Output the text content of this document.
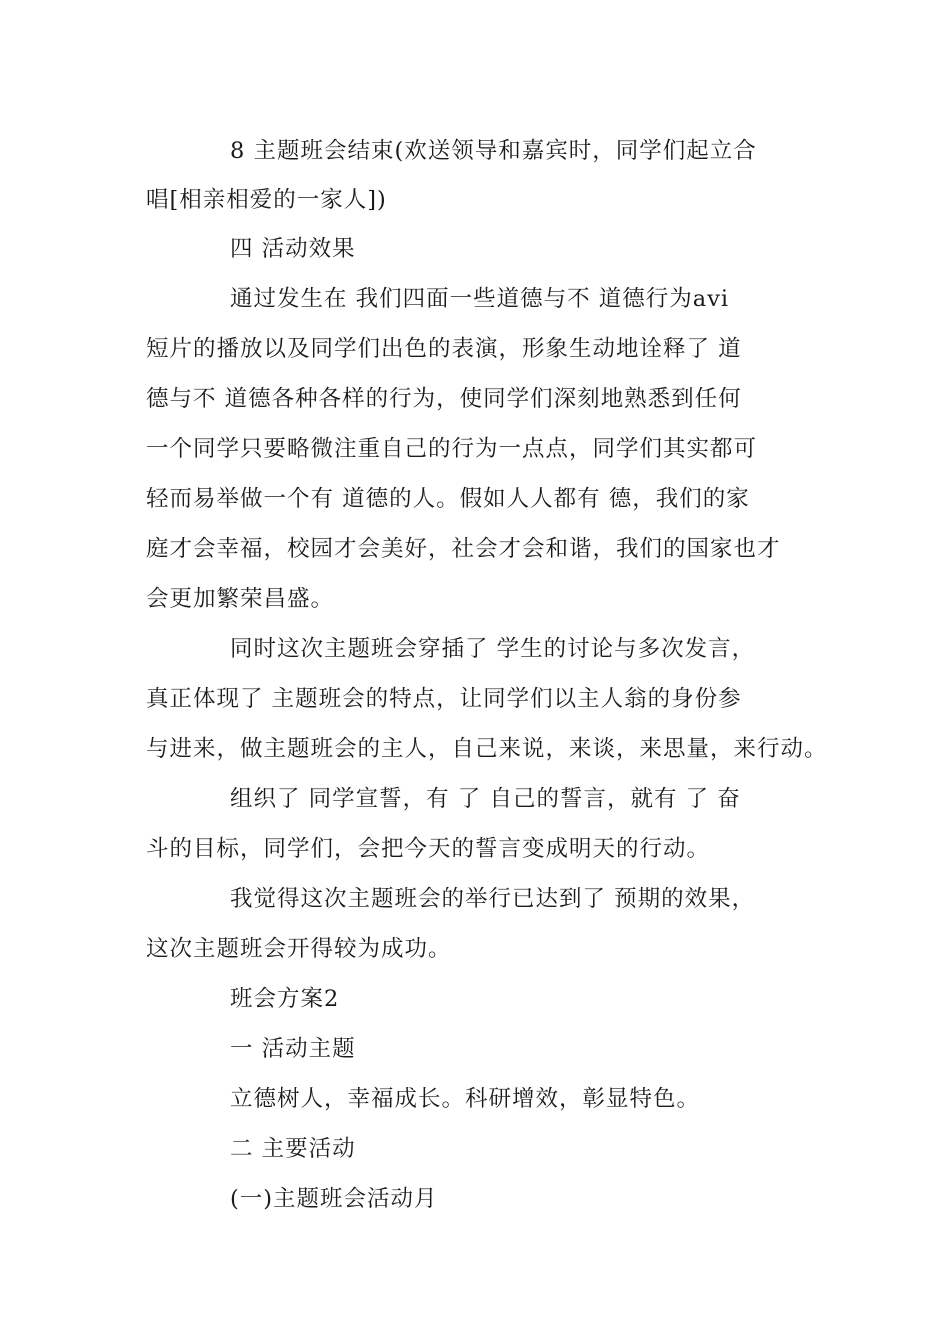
8 主题班会结束(欢送领导和嘉宾时，同学们起立合
唱[相亲相爱的一家人])
四 活动效果
通过发生在 我们四面一些道德与不 道德行为avi
短片的播放以及同学们出色的表演，形象生动地诠释了 道
德与不 道德各种各样的行为，使同学们深刻地熟悉到任何
一个同学只要略微注重自己的行为一点点，同学们其实都可
轻而易举做一个有 道德的人。假如人人都有 德，我们的家
庭才会幸福，校园才会美好，社会才会和谐，我们的国家也才
会更加繁荣昌盛。
同时这次主题班会穿插了 学生的讨论与多次发言，
真正体现了 主题班会的特点，让同学们以主人翁的身份参
与进来，做主题班会的主人，自己来说，来谈，来思量，来行动。
组织了 同学宣誓，有 了 自己的誓言，就有 了 奋
斗的目标，同学们，会把今天的誓言变成明天的行动。
我觉得这次主题班会的举行已达到了 预期的效果，
这次主题班会开得较为成功。
班会方案2
一 活动主题
立德树人，幸福成长。科研增效，彰显特色。
二 主要活动
(一)主题班会活动月
